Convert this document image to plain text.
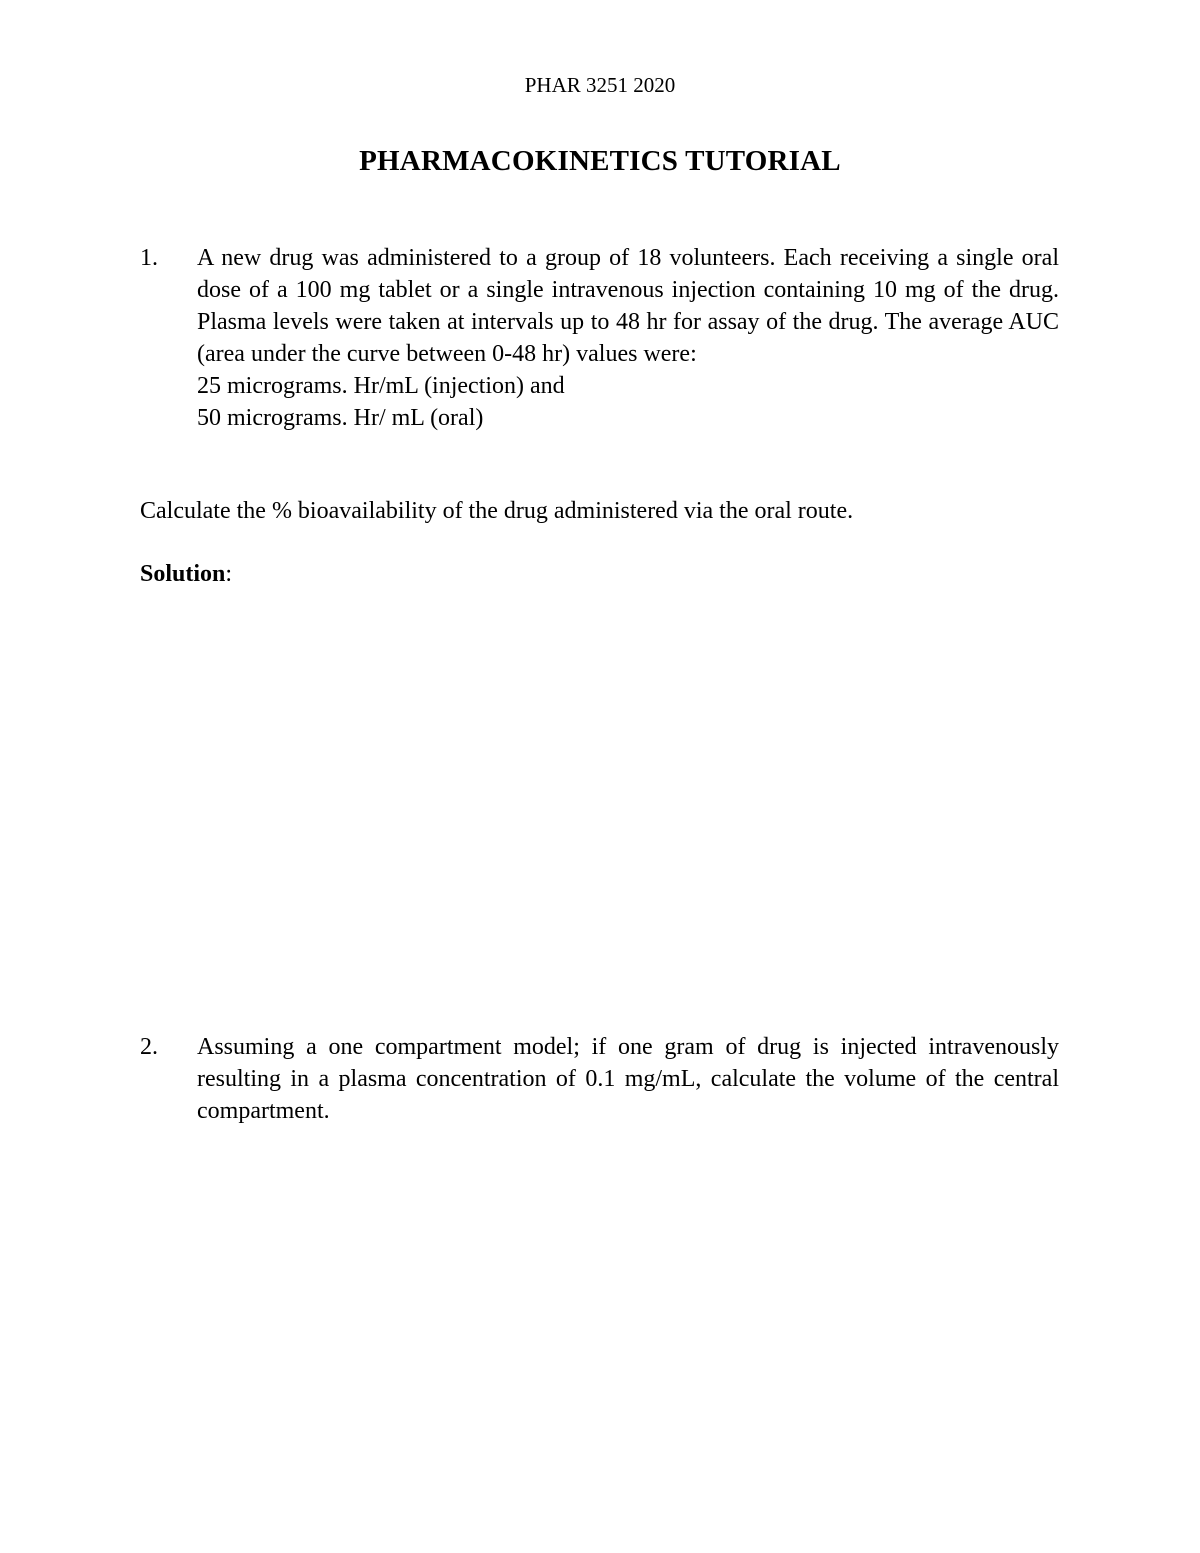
PHAR 3251 2020
PHARMACOKINETICS TUTORIAL
1.	A new drug was administered to a group of 18 volunteers. Each receiving a single oral dose of a 100 mg tablet or a single intravenous injection containing 10 mg of the drug. Plasma levels were taken at intervals up to 48 hr for assay of the drug. The average AUC (area under the curve between 0-48 hr) values were:
25 micrograms. Hr/mL (injection) and
50 micrograms. Hr/ mL (oral)
Calculate the % bioavailability of the drug administered via the oral route.
Solution:
2.	Assuming a one compartment model; if one gram of drug is injected intravenously resulting in a plasma concentration of 0.1 mg/mL, calculate the volume of the central compartment.
